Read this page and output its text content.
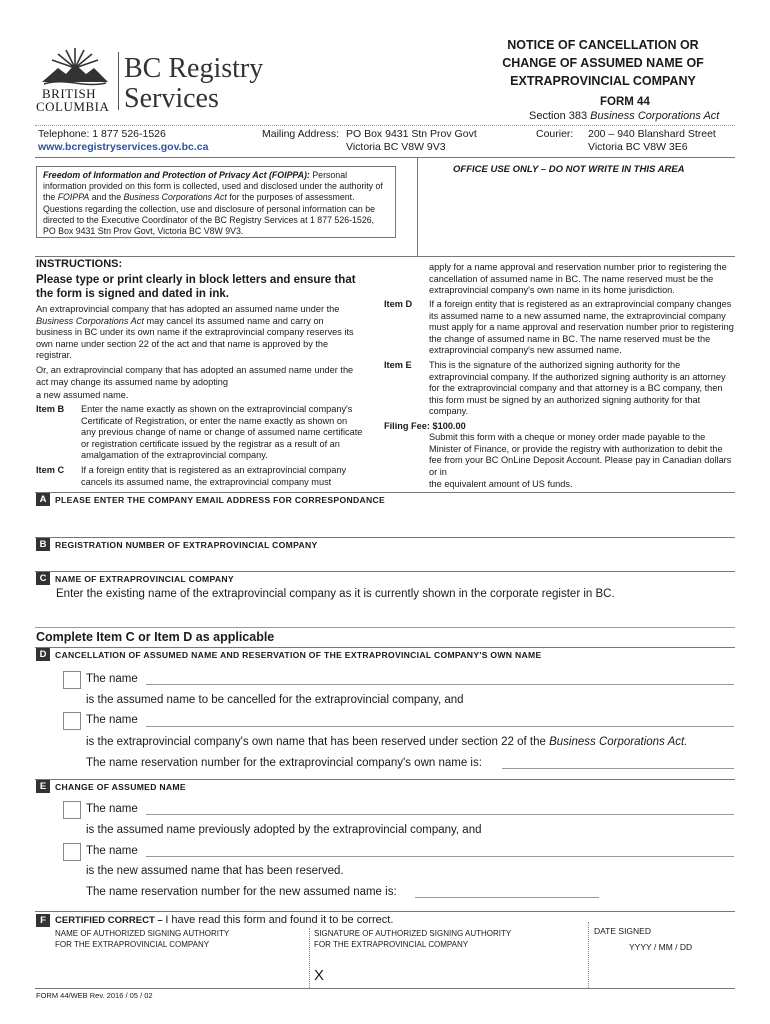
BRITISH
COLUMBIA
BC Registry
Services
NOTICE OF CANCELLATION OR
CHANGE OF ASSUMED NAME OF
EXTRAPROVINCIAL COMPANY
FORM 44
Section 383 Business Corporations Act
Telephone: 1 877 526-1526
www.bcregistryservices.gov.bc.ca
Mailing Address: PO Box 9431 Stn Prov Govt
Victoria BC V8W 9V3
Courier: 200 – 940 Blanshard Street
Victoria BC V8W 3E6
Freedom of Information and Protection of Privacy Act (FOIPPA): Personal information provided on this form is collected, used and disclosed under the authority of the FOIPPA and the Business Corporations Act for the purposes of assessment. Questions regarding the collection, use and disclosure of personal information can be directed to the Executive Coordinator of the BC Registry Services at 1 877 526-1526, PO Box 9431 Stn Prov Govt, Victoria BC V8W 9V3.
OFFICE USE ONLY – DO NOT WRITE IN THIS AREA
INSTRUCTIONS:
Please type or print clearly in block letters and ensure that
the form is signed and dated in ink.
An extraprovincial company that has adopted an assumed name under the Business Corporations Act may cancel its assumed name and carry on business in BC under its own name if the extraprovincial company reserves its own name under section 22 of the act and that name is approved by the registrar.
Or, an extraprovincial company that has adopted an assumed name under the act may change its assumed name by adopting
a new assumed name.
Item B Enter the name exactly as shown on the extraprovincial company's Certificate of Registration, or enter the name exactly as shown on any previous change of name or change of assumed name certificate or registration certificate issued by the registrar as a result of an amalgamation of the extraprovincial company.
Item C If a foreign entity that is registered as an extraprovincial company cancels its assumed name, the extraprovincial company must
apply for a name approval and reservation number prior to registering the cancellation of assumed name in BC. The name reserved must be the extraprovincial company's own name in its home jurisdiction.
Item D If a foreign entity that is registered as an extraprovincial company changes its assumed name to a new assumed name, the extraprovincial company must apply for a name approval and reservation number prior to registering the change of assumed name in BC. The name reserved must be the extraprovincial company's new assumed name.
Item E This is the signature of the authorized signing authority for the extraprovincial company. If the authorized signing authority is an attorney for the extraprovincial company and that attorney is a BC company, then this form must be signed by an authorized signing authority for that company.
Filing Fee: $100.00
Submit this form with a cheque or money order made payable to the Minister of Finance, or provide the registry with authorization to debit the fee from your BC OnLine Deposit Account. Please pay in Canadian dollars or in
the equivalent amount of US funds.
A PLEASE ENTER THE COMPANY EMAIL ADDRESS FOR CORRESPONDANCE
B REGISTRATION NUMBER OF EXTRAPROVINCIAL COMPANY
C NAME OF EXTRAPROVINCIAL COMPANY
Enter the existing name of the extraprovincial company as it is currently shown in the corporate register in BC.
Complete Item C or Item D as applicable
D CANCELLATION OF ASSUMED NAME AND RESERVATION OF THE EXTRAPROVINCIAL COMPANY'S OWN NAME
The name
is the assumed name to be cancelled for the extraprovincial company, and
The name
is the extraprovincial company's own name that has been reserved under section 22 of the Business Corporations Act.
The name reservation number for the extraprovincial company's own name is:
E	CHANGE OF ASSUMED NAME
The name
is the assumed name previously adopted by the extraprovincial company, and
The name
is the new assumed name that has been reserved.
The name reservation number for the new assumed name is:
F CERTIFIED CORRECT – I have read this form and found it to be correct.
NAME OF AUTHORIZED SIGNING AUTHORITY
FOR THE EXTRAPROVINCIAL COMPANY
SIGNATURE OF AUTHORIZED SIGNING AUTHORITY
FOR THE EXTRAPROVINCIAL COMPANY
DATE SIGNED
YYYY / MM / DD
X
FORM 44/WEB Rev. 2016 / 05 / 02
